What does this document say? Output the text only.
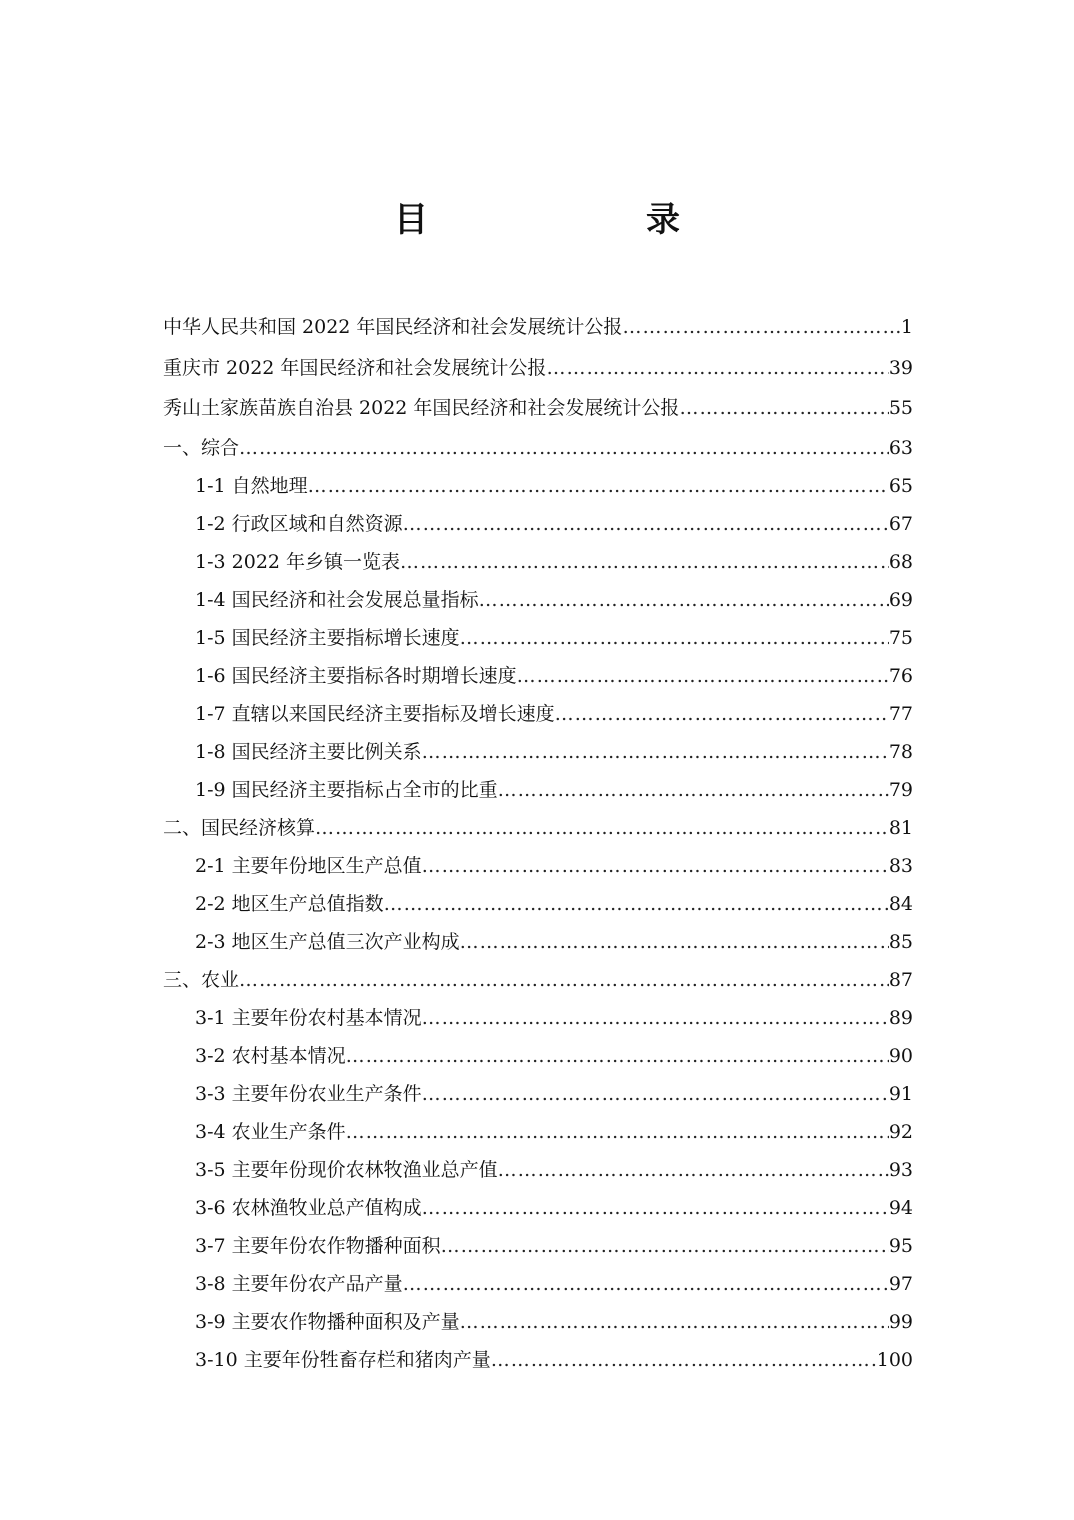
目　　录
中华人民共和国 2022 年国民经济和社会发展统计公报 ……………………………………………………………………………………………………………………………………………………………………	1
重庆市 2022 年国民经济和社会发展统计公报 ……………………………………………………………………………………………………………………………………………………………………	39
秀山土家族苗族自治县 2022 年国民经济和社会发展统计公报 ……………………………………………………………………………………………………………………………………………………………………	55
一、综合 ……………………………………………………………………………………………………………………………………………………………………	63
1-1 自然地理 ……………………………………………………………………………………………………………………………………………………………………	65
1-2 行政区域和自然资源 ……………………………………………………………………………………………………………………………………………………………………	67
1-3 2022 年乡镇一览表 ……………………………………………………………………………………………………………………………………………………………………	68
1-4 国民经济和社会发展总量指标 ……………………………………………………………………………………………………………………………………………………………………	69
1-5 国民经济主要指标增长速度 ……………………………………………………………………………………………………………………………………………………………………	75
1-6 国民经济主要指标各时期增长速度 ……………………………………………………………………………………………………………………………………………………………………	76
1-7 直辖以来国民经济主要指标及增长速度 ……………………………………………………………………………………………………………………………………………………………………	77
1-8 国民经济主要比例关系 ……………………………………………………………………………………………………………………………………………………………………	78
1-9 国民经济主要指标占全市的比重 ……………………………………………………………………………………………………………………………………………………………………	79
二、国民经济核算 ……………………………………………………………………………………………………………………………………………………………………	81
2-1 主要年份地区生产总值 ……………………………………………………………………………………………………………………………………………………………………	83
2-2 地区生产总值指数 ……………………………………………………………………………………………………………………………………………………………………	84
2-3 地区生产总值三次产业构成 ……………………………………………………………………………………………………………………………………………………………………	85
三、农业 ……………………………………………………………………………………………………………………………………………………………………	87
3-1 主要年份农村基本情况 ……………………………………………………………………………………………………………………………………………………………………	89
3-2 农村基本情况 ……………………………………………………………………………………………………………………………………………………………………	90
3-3 主要年份农业生产条件 ……………………………………………………………………………………………………………………………………………………………………	91
3-4 农业生产条件 ……………………………………………………………………………………………………………………………………………………………………	92
3-5 主要年份现价农林牧渔业总产值 ……………………………………………………………………………………………………………………………………………………………………	93
3-6 农林渔牧业总产值构成 ……………………………………………………………………………………………………………………………………………………………………	94
3-7 主要年份农作物播种面积 ……………………………………………………………………………………………………………………………………………………………………	95
3-8 主要年份农产品产量 ……………………………………………………………………………………………………………………………………………………………………	97
3-9 主要农作物播种面积及产量 ……………………………………………………………………………………………………………………………………………………………………	99
3-10 主要年份牲畜存栏和猪肉产量 ……………………………………………………………………………………………………………………………………………………………………	100
